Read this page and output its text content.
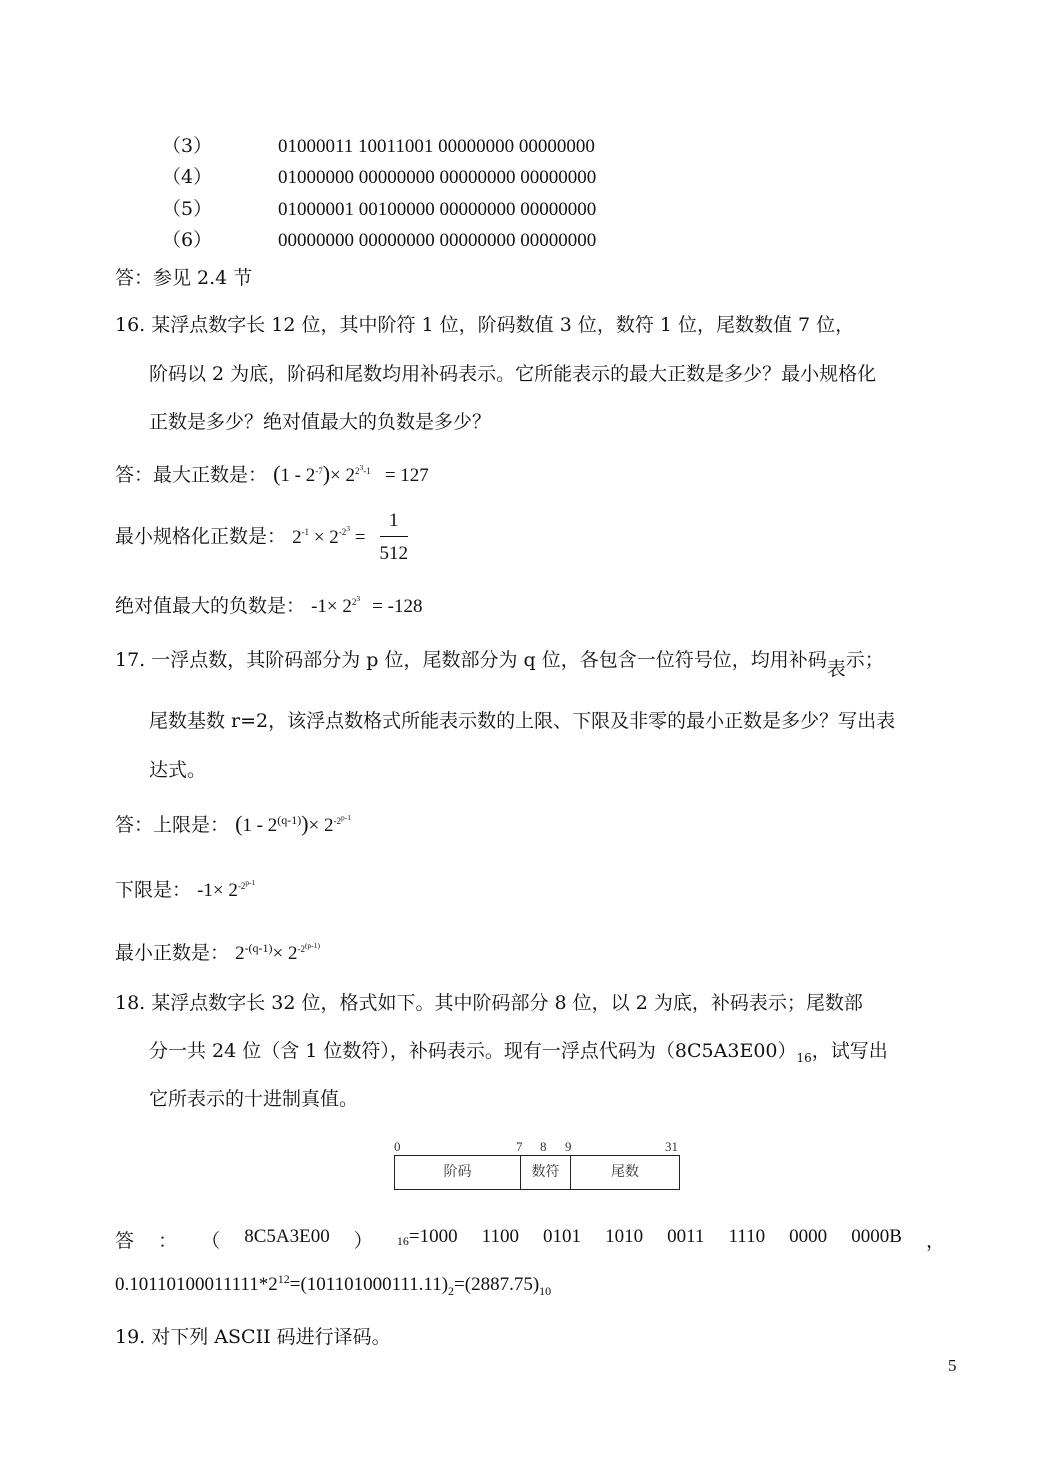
（3）	01000011 10011001 00000000 00000000
（4）	01000000 00000000 00000000 00000000
（5）	01000001 00100000 00000000 00000000
（6）	00000000 00000000 00000000 00000000
答：参见 2.4 节
16. 某浮点数字长 12 位，其中阶符 1 位，阶码数值 3 位，数符 1 位，尾数数值 7 位，
阶码以 2 为底，阶码和尾数均用补码表示。它所能表示的最大正数是多少？最小规格化
正数是多少？绝对值最大的负数是多少？
答：最大正数是： $(1 - 2^{-7})\times 2^{2^3-1} = 127$
最小规格化正数是： $2^{-1} \times 2^{-2^3} = \frac{1}{512}$
绝对值最大的负数是： $-1\times 2^{2^3} = -128$
17. 一浮点数，其阶码部分为 p 位，尾数部分为 q 位，各包含一位符号位，均用补码表示；
尾数基数 r=2，该浮点数格式所能表示数的上限、下限及非零的最小正数是多少？写出表
达式。
答：上限是： $(1 - 2^{(q-1)})\times 2^{-2^{p-1}}$
下限是： $-1\times 2^{-2^{p-1}}$
最小正数是： $2^{-(q-1)}\times 2^{-2^{(p-1)}}$
18. 某浮点数字长 32 位，格式如下。其中阶码部分 8 位，以 2 为底，补码表示；尾数部
分一共 24 位（含 1 位数符），补码表示。现有一浮点代码为$(8C5A3E00)_{16}$，试写出
它所表示的十进制真值。
0	7 8 9	31
阶码	数符	尾数
答 ： （ 8C5A3E00 ） $_{16}$=1000 1100 0101 1010 0011 1110 0000 0000B ，
$0.10110100011111*2^{12}=(101101000111.11)_2=(2887.75)_{10}$
19. 对下列 ASCII 码进行译码。
5
